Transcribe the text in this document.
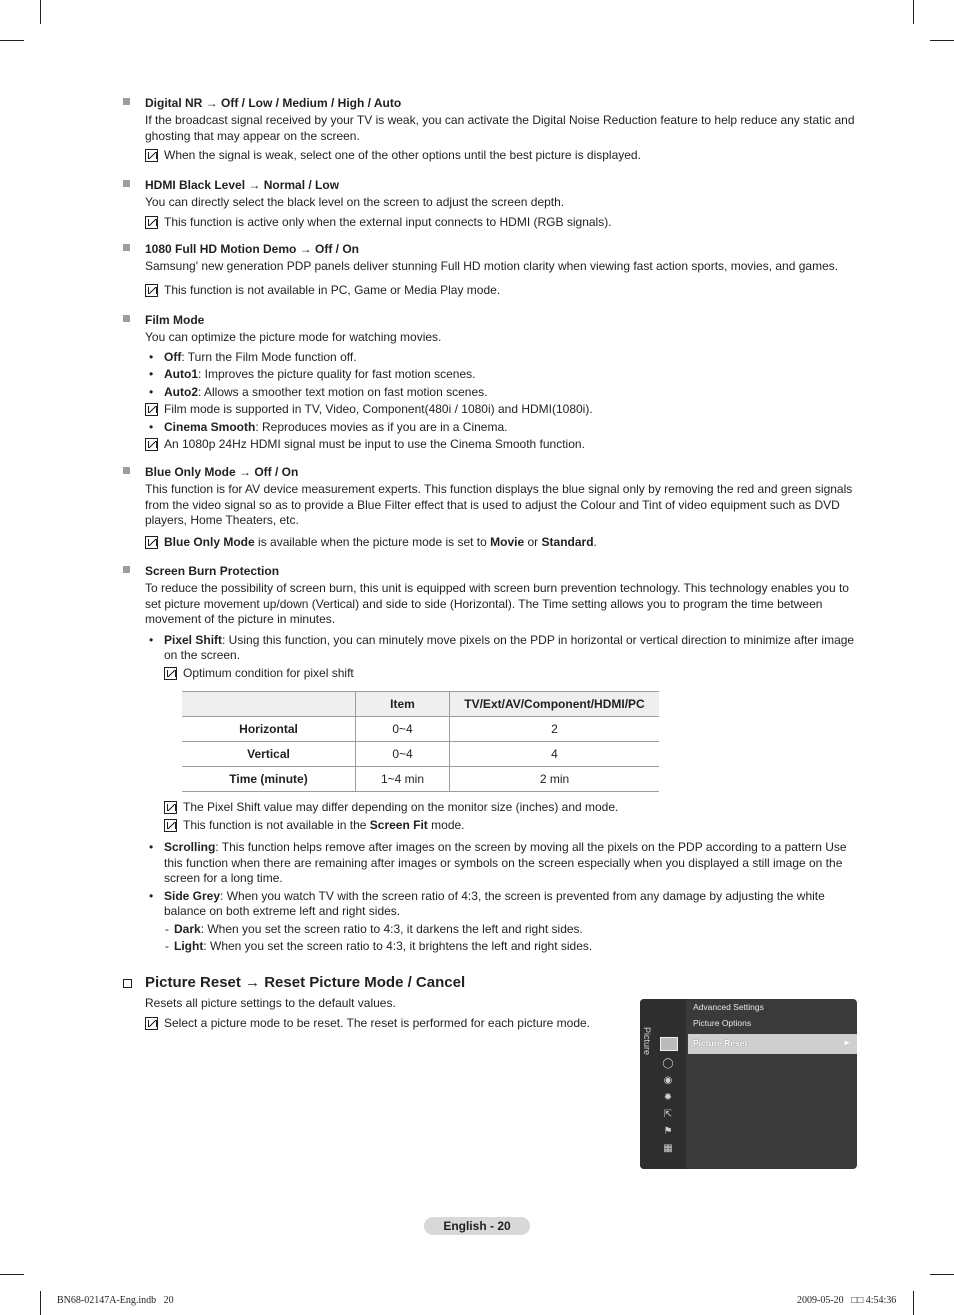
Digital NR → Off / Low / Medium / High / Auto
If the broadcast signal received by your TV is weak, you can activate the Digital Noise Reduction feature to help reduce any static and ghosting that may appear on the screen.
When the signal is weak, select one of the other options until the best picture is displayed.
HDMI Black Level → Normal / Low
You can directly select the black level on the screen to adjust the screen depth.
This function is active only when the external input connects to HDMI (RGB signals).
1080 Full HD Motion Demo → Off / On
Samsung' new generation PDP panels deliver stunning Full HD motion clarity when viewing fast action sports, movies, and games.
This function is not available in PC, Game or Media Play mode.
Film Mode
You can optimize the picture mode for watching movies.
• Off: Turn the Film Mode function off.
• Auto1: Improves the picture quality for fast motion scenes.
• Auto2: Allows a smoother text motion on fast motion scenes.
Film mode is supported in TV, Video, Component(480i / 1080i) and HDMI(1080i).
• Cinema Smooth: Reproduces movies as if you are in a Cinema.
An 1080p 24Hz HDMI signal must be input to use the Cinema Smooth function.
Blue Only Mode → Off / On
This function is for AV device measurement experts. This function displays the blue signal only by removing the red and green signals from the video signal so as to provide a Blue Filter effect that is used to adjust the Colour and Tint of video equipment such as DVD players, Home Theaters, etc.
Blue Only Mode is available when the picture mode is set to Movie or Standard.
Screen Burn Protection
To reduce the possibility of screen burn, this unit is equipped with screen burn prevention technology. This technology enables you to set picture movement up/down (Vertical) and side to side (Horizontal). The Time setting allows you to program the time between movement of the picture in minutes.
• Pixel Shift: Using this function, you can minutely move pixels on the PDP in horizontal or vertical direction to minimize after image on the screen.
Optimum condition for pixel shift
	Item	TV/Ext/AV/Component/HDMI/PC
Horizontal	0~4	2
Vertical	0~4	4
Time (minute)	1~4 min	2 min
The Pixel Shift value may differ depending on the monitor size (inches) and mode.
This function is not available in the Screen Fit mode.
• Scrolling: This function helps remove after images on the screen by moving all the pixels on the PDP according to a pattern Use this function when there are remaining after images or symbols on the screen especially when you displayed a still image on the screen for a long time.
• Side Grey: When you watch TV with the screen ratio of 4:3, the screen is prevented from any damage by adjusting the white balance on both extreme left and right sides.
- Dark: When you set the screen ratio to 4:3, it darkens the left and right sides.
- Light: When you set the screen ratio to 4:3, it brightens the left and right sides.
Picture Reset → Reset Picture Mode / Cancel
Resets all picture settings to the default values.
Select a picture mode to be reset. The reset is performed for each picture mode.
Picture
◯
◉
✹
⇱
⚑
▦
Advanced Settings
Picture Options
Picture Reset	►
English - 20
BN68-02147A-Eng.indb   20	2009-05-20   □□ 4:54:36
